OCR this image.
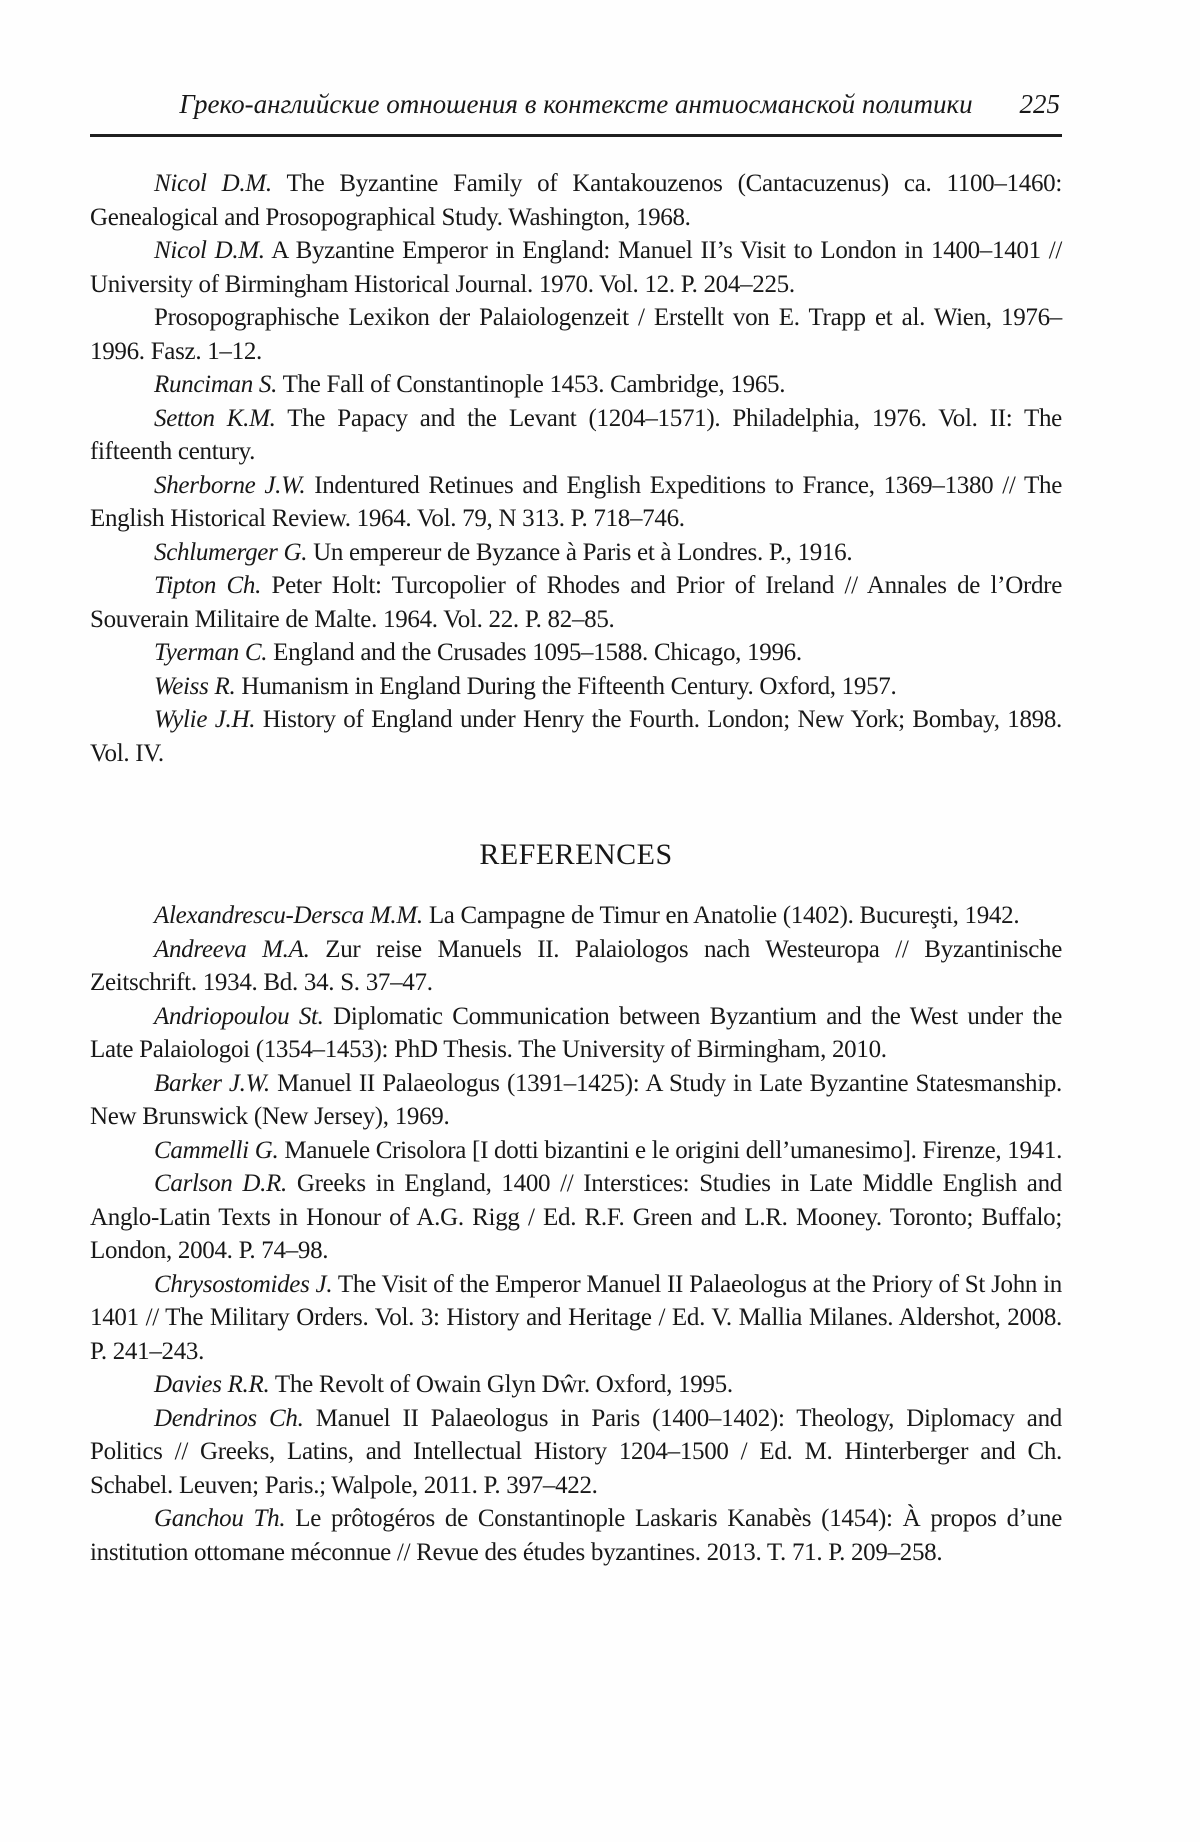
Греко-английские отношения в контексте антиосманской политики 225

Nicol D.M. The Byzantine Family of Kantakouzenos (Cantacuzenus) ca. 1100–1460: Genealogical and Prosopographical Study. Washington, 1968.

Nicol D.M. A Byzantine Emperor in England: Manuel II’s Visit to London in 1400–1401 // University of Birmingham Historical Journal. 1970. Vol. 12. P. 204–225.

Prosopographische Lexikon der Palaiologenzeit / Erstellt von E. Trapp et al. Wien, 1976–1996. Fasz. 1–12.

Runciman S. The Fall of Constantinople 1453. Cambridge, 1965.

Setton K.M. The Papacy and the Levant (1204–1571). Philadelphia, 1976. Vol. II: The fifteenth century.

Sherborne J.W. Indentured Retinues and English Expeditions to France, 1369–1380 // The English Historical Review. 1964. Vol. 79, N 313. P. 718–746.

Schlumerger G. Un empereur de Byzance à Paris et à Londres. P., 1916.

Tipton Ch. Peter Holt: Turcopolier of Rhodes and Prior of Ireland // Annales de l’Ordre Souverain Militaire de Malte. 1964. Vol. 22. P. 82–85.

Tyerman C. England and the Crusades 1095–1588. Chicago, 1996.

Weiss R. Humanism in England During the Fifteenth Century. Oxford, 1957.

Wylie J.H. History of England under Henry the Fourth. London; New York; Bombay, 1898. Vol. IV.

REFERENCES

Alexandrescu-Dersca M.M. La Campagne de Timur en Anatolie (1402). Bucureşti, 1942.

Andreeva M.A. Zur reise Manuels II. Palaiologos nach Westeuropa // Byzantinische Zeitschrift. 1934. Bd. 34. S. 37–47.

Andriopoulou St. Diplomatic Communication between Byzantium and the West under the Late Palaiologoi (1354–1453): PhD Thesis. The University of Birmingham, 2010.

Barker J.W. Manuel II Palaeologus (1391–1425): A Study in Late Byzantine Statesmanship. New Brunswick (New Jersey), 1969.

Cammelli G. Manuele Crisolora [I dotti bizantini e le origini dell’umanesimo]. Firenze, 1941.

Carlson D.R. Greeks in England, 1400 // Interstices: Studies in Late Middle English and Anglo-Latin Texts in Honour of A.G. Rigg / Ed. R.F. Green and L.R. Mooney. Toronto; Buffalo; London, 2004. P. 74–98.

Chrysostomides J. The Visit of the Emperor Manuel II Palaeologus at the Priory of St John in 1401 // The Military Orders. Vol. 3: History and Heritage / Ed. V. Mallia Milanes. Aldershot, 2008. P. 241–243.

Davies R.R. The Revolt of Owain Glyn Dŵr. Oxford, 1995.

Dendrinos Ch. Manuel II Palaeologus in Paris (1400–1402): Theology, Diplomacy and Politics // Greeks, Latins, and Intellectual History 1204–1500 / Ed. M. Hinterberger and Ch. Schabel. Leuven; Paris.; Walpole, 2011. P. 397–422.

Ganchou Th. Le prôtogéros de Constantinople Laskaris Kanabès (1454): À propos d’une institution ottomane méconnue // Revue des études byzantines. 2013. T. 71. P. 209–258.
